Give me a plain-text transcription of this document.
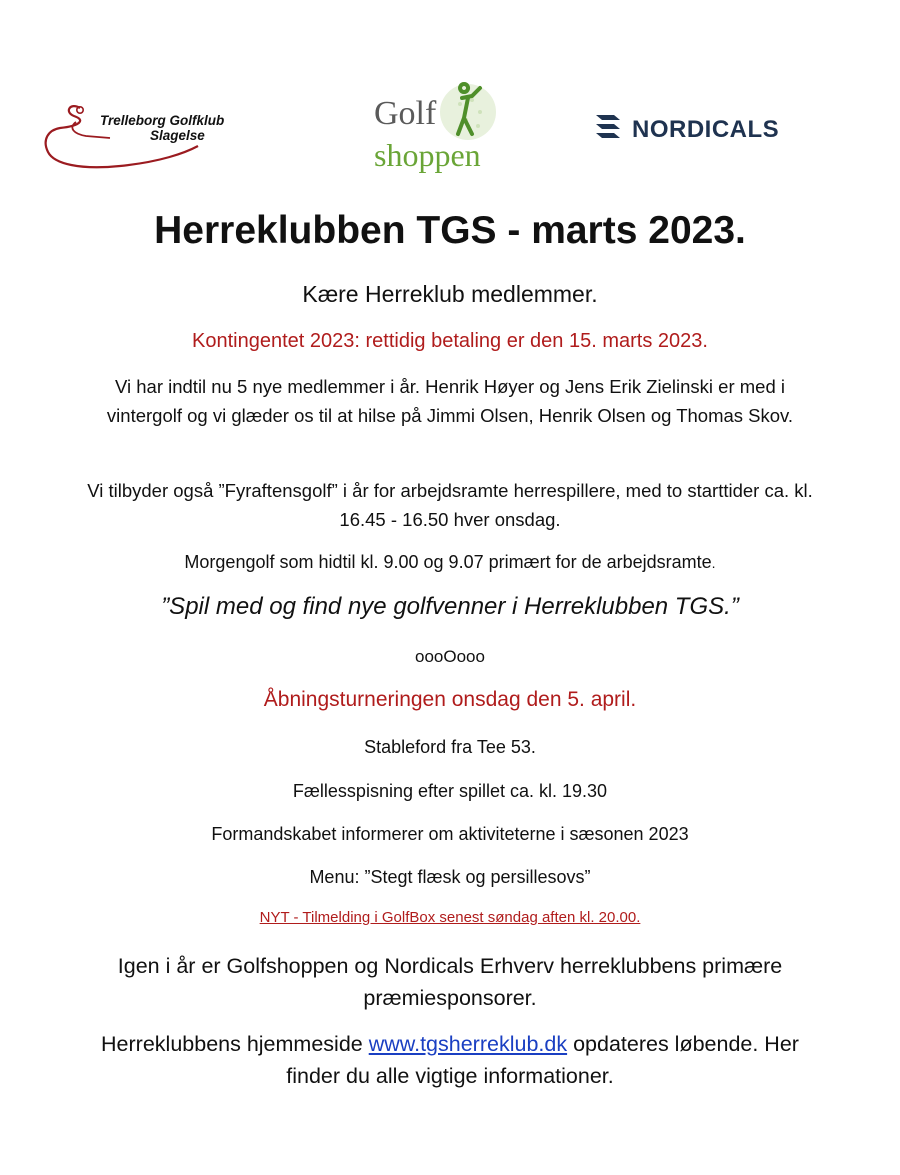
Trelleborg Golfklub
Slagelse
Golf
shoppen
NORDICALS
Herreklubben TGS - marts 2023.

Kære Herreklub medlemmer.

Kontingentet 2023: rettidig betaling er den 15. marts 2023.

Vi har indtil nu 5 nye medlemmer i år. Henrik Høyer og Jens Erik Zielinski er med i vintergolf og vi glæder os til at hilse på Jimmi Olsen, Henrik Olsen og Thomas Skov.

Vi tilbyder også ”Fyraftensgolf” i år for arbejdsramte herrespillere, med to starttider ca. kl. 16.45 - 16.50 hver onsdag.

Morgengolf som hidtil kl. 9.00 og 9.07 primært for de arbejdsramte.

”Spil med og find nye golfvenner i Herreklubben TGS.”

oooOooo

Åbningsturneringen onsdag den 5. april.

Stableford fra Tee 53.

Fællesspisning efter spillet ca. kl. 19.30

Formandskabet informerer om aktiviteterne i sæsonen 2023

Menu: ”Stegt flæsk og persillesovs”

NYT - Tilmelding i GolfBox senest søndag aften kl. 20.00.

Igen i år er Golfshoppen og Nordicals Erhverv herreklubbens primære præmiesponsorer.

Herreklubbens hjemmeside www.tgsherreklub.dk opdateres løbende. Her finder du alle vigtige informationer.
